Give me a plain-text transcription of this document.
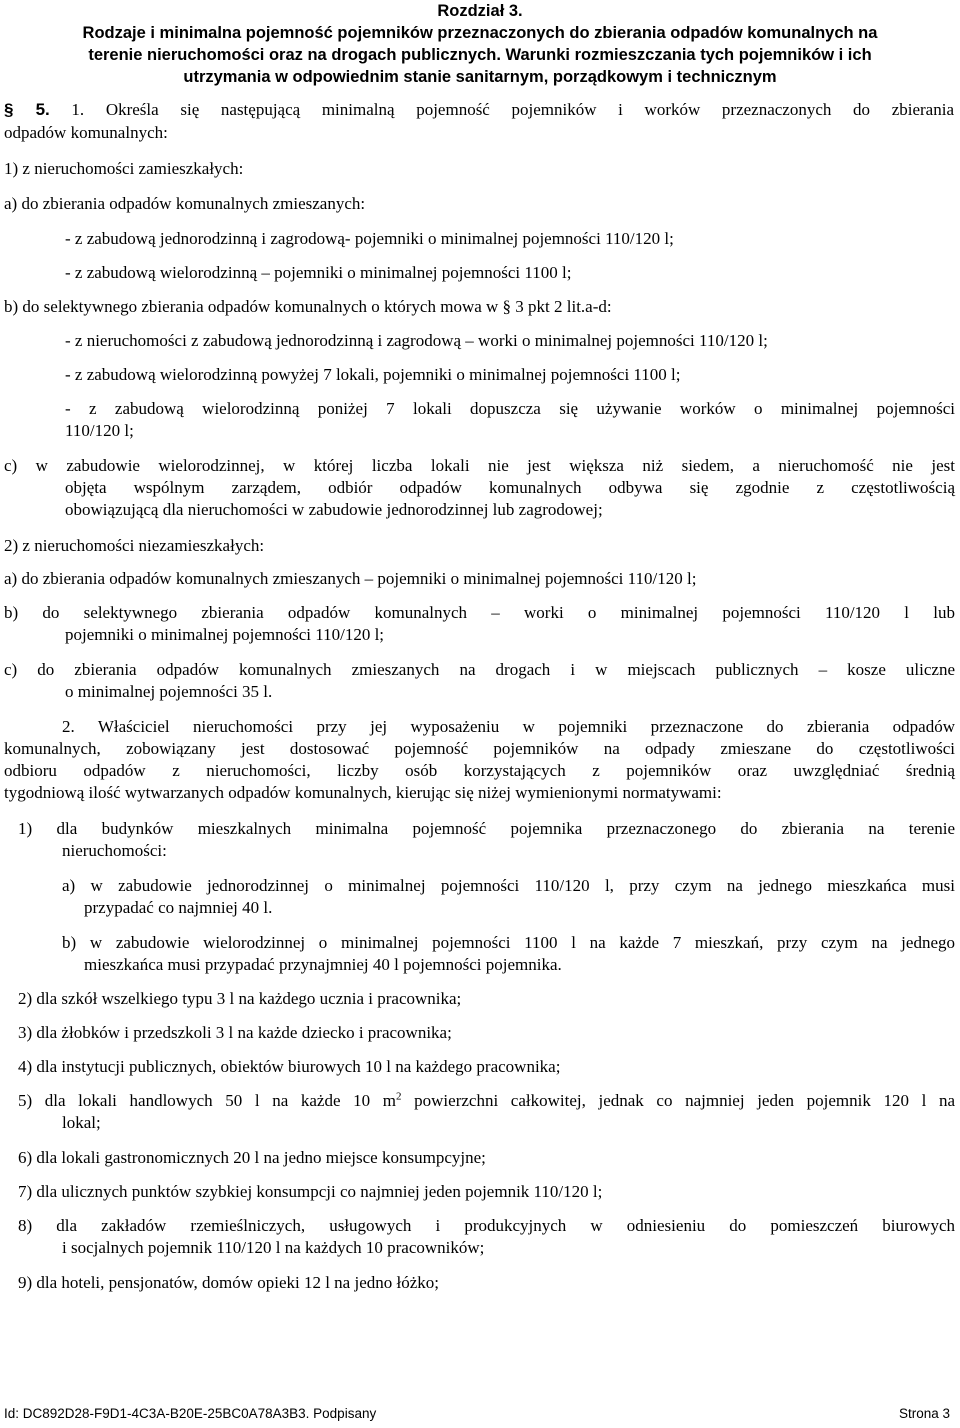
Rozdział 3.
Rodzaje i minimalna pojemność pojemników przeznaczonych do zbierania odpadów komunalnych na
terenie nieruchomości oraz na drogach publicznych. Warunki rozmieszczania tych pojemników i ich
utrzymania w odpowiednim stanie sanitarnym, porządkowym i technicznym
§ 5. 1. Określa się następującą minimalną pojemność pojemników i worków przeznaczonych do zbierania
odpadów komunalnych:
1) z nieruchomości zamieszkałych:
a) do zbierania odpadów komunalnych zmieszanych:
- z zabudową jednorodzinną i zagrodową- pojemniki o minimalnej pojemności 110/120 l;
- z zabudową wielorodzinną – pojemniki o minimalnej pojemności 1100 l;
b) do selektywnego zbierania odpadów komunalnych o których mowa w § 3 pkt 2 lit.a-d:
- z nieruchomości z zabudową jednorodzinną i zagrodową – worki o minimalnej pojemności 110/120 l;
- z zabudową wielorodzinną powyżej 7 lokali, pojemniki o minimalnej pojemności 1100 l;
- z zabudową wielorodzinną poniżej 7 lokali dopuszcza się używanie worków o minimalnej pojemności
110/120 l;
c) w zabudowie wielorodzinnej, w której liczba lokali nie jest większa niż siedem, a nieruchomość nie jest
objęta wspólnym zarządem, odbiór odpadów komunalnych odbywa się zgodnie z częstotliwością
obowiązującą dla nieruchomości w zabudowie jednorodzinnej lub zagrodowej;
2) z nieruchomości niezamieszkałych:
a) do zbierania odpadów komunalnych zmieszanych – pojemniki o minimalnej pojemności 110/120 l;
b) do selektywnego zbierania odpadów komunalnych – worki o minimalnej pojemności 110/120 l lub
pojemniki o minimalnej pojemności 110/120 l;
c) do zbierania odpadów komunalnych zmieszanych na drogach i w miejscach publicznych – kosze uliczne
o minimalnej pojemności 35 l.
2. Właściciel nieruchomości przy jej wyposażeniu w pojemniki przeznaczone do zbierania odpadów
komunalnych, zobowiązany jest dostosować pojemność pojemników na odpady zmieszane do częstotliwości
odbioru odpadów z nieruchomości, liczby osób korzystających z pojemników oraz uwzględniać średnią
tygodniową ilość wytwarzanych odpadów komunalnych, kierując się niżej wymienionymi normatywami:
1) dla budynków mieszkalnych minimalna pojemność pojemnika przeznaczonego do zbierania na terenie
nieruchomości:
a) w zabudowie jednorodzinnej o minimalnej pojemności 110/120 l, przy czym na jednego mieszkańca musi
przypadać co najmniej 40 l.
b) w zabudowie wielorodzinnej o minimalnej pojemności 1100 l na każde 7 mieszkań, przy czym na jednego
mieszkańca musi przypadać przynajmniej 40 l pojemności pojemnika.
2) dla szkół wszelkiego typu 3 l na każdego ucznia i pracownika;
3) dla żłobków i przedszkoli 3 l na każde dziecko i pracownika;
4) dla instytucji publicznych, obiektów biurowych 10 l na każdego pracownika;
5) dla lokali handlowych 50 l na każde 10 $m^2$ powierzchni całkowitej, jednak co najmniej jeden pojemnik 120 l na
lokal;
6) dla lokali gastronomicznych 20 l na jedno miejsce konsumpcyjne;
7) dla ulicznych punktów szybkiej konsumpcji co najmniej jeden pojemnik 110/120 l;
8) dla zakładów rzemieślniczych, usługowych i produkcyjnych w odniesieniu do pomieszczeń biurowych
i socjalnych pojemnik 110/120 l na każdych 10 pracowników;
9) dla hoteli, pensjonatów, domów opieki 12 l na jedno łóżko;
Id: DC892D28-F9D1-4C3A-B20E-25BC0A78A3B3. Podpisany	Strona 3
